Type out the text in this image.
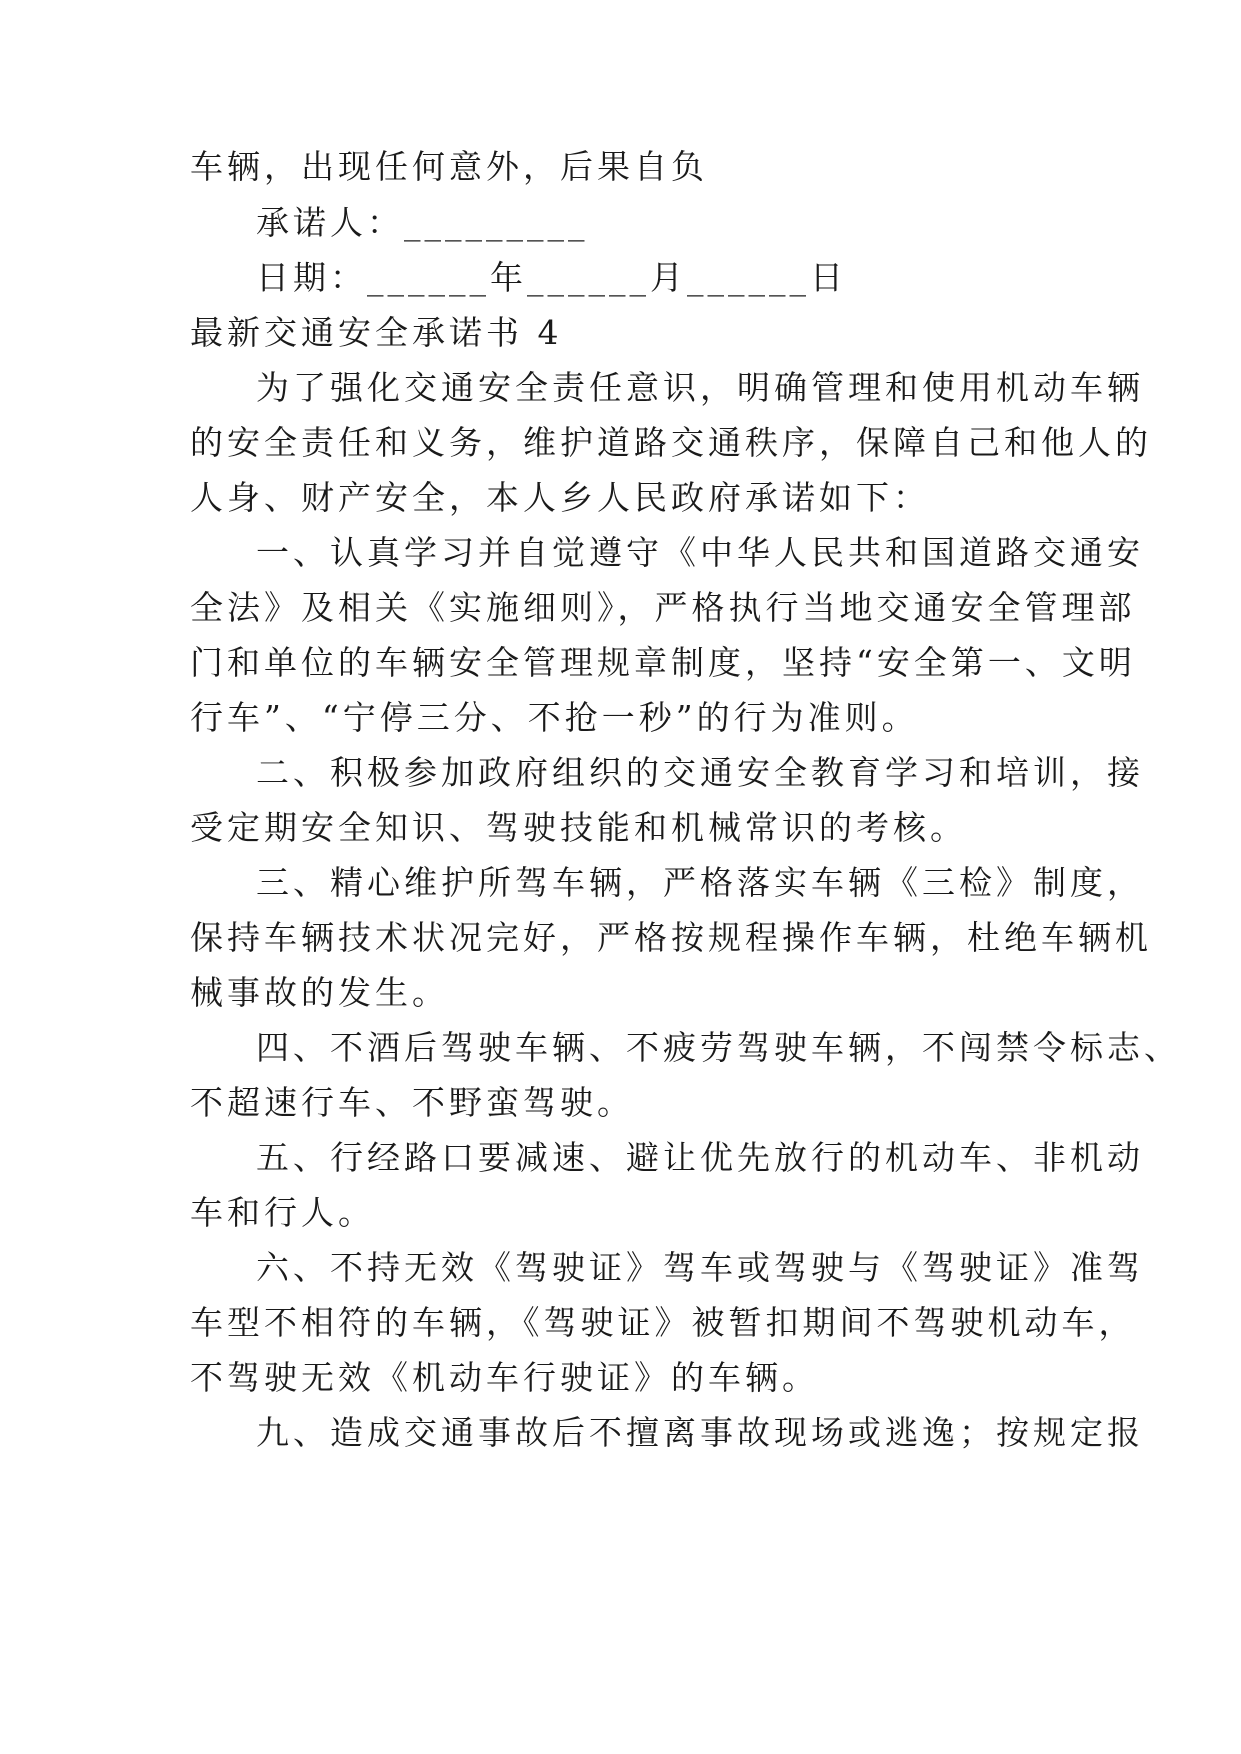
车辆，出现任何意外，后果自负
承诺人：_________
日期：______年______月______日
最新交通安全承诺书 4
为了强化交通安全责任意识，明确管理和使用机动车辆
的安全责任和义务，维护道路交通秩序，保障自己和他人的
人身、财产安全，本人乡人民政府承诺如下：
一、认真学习并自觉遵守《中华人民共和国道路交通安
全法》及相关《实施细则》，严格执行当地交通安全管理部
门和单位的车辆安全管理规章制度，坚持“安全第一、文明
行车”、“宁停三分、不抢一秒”的行为准则。
二、积极参加政府组织的交通安全教育学习和培训，接
受定期安全知识、驾驶技能和机械常识的考核。
三、精心维护所驾车辆，严格落实车辆《三检》制度，
保持车辆技术状况完好，严格按规程操作车辆，杜绝车辆机
械事故的发生。
四、不酒后驾驶车辆、不疲劳驾驶车辆，不闯禁令标志、
不超速行车、不野蛮驾驶。
五、行经路口要减速、避让优先放行的机动车、非机动
车和行人。
六、不持无效《驾驶证》驾车或驾驶与《驾驶证》准驾
车型不相符的车辆，《驾驶证》被暂扣期间不驾驶机动车，
不驾驶无效《机动车行驶证》的车辆。
九、造成交通事故后不擅离事故现场或逃逸；按规定报
